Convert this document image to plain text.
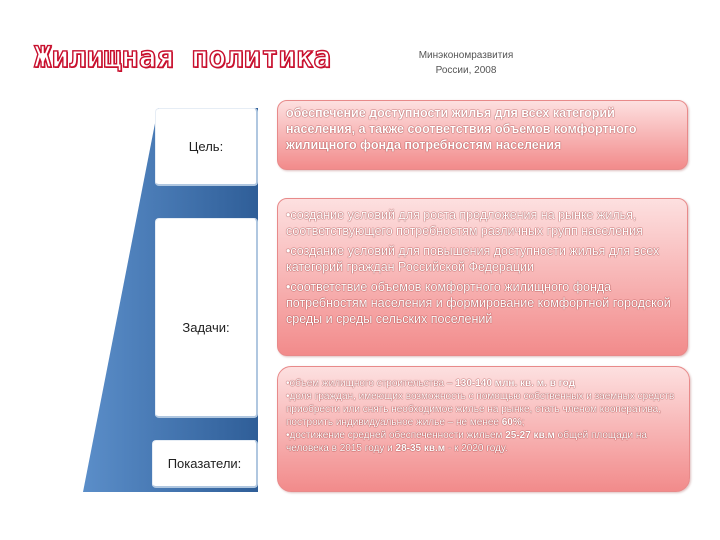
Жилищная политика	Минэкономразвития России, 2008
Цель:
Задачи:
Показатели:
обеспечение доступности жилья для всех категорий населения, а также соответствия объемов комфортного жилищного фонда потребностям населения

•создание условий для роста предложения на рынке жилья, соответствующего потребностям различных групп населения

•создание условий для повышения доступности жилья для всех категорий граждан Российской Федерации

•соответствие объемов комфортного жилищного фонда потребностям населения и формирование комфортной городской среды и среды сельских поселений

•объем жилищного строительства – 130-140 млн. кв. м. в год

•доля граждан, имеющих возможность с помощью собственных и заемных средств приобрести или снять необходимое жилье на рынке, стать членом кооператива, построить индивидуальное жилье – не менее 60%;

•достижение средней обеспеченности жильем 25-27 кв.м общей площади на человека в 2015 году и 28-35 кв.м - к 2020 году.
